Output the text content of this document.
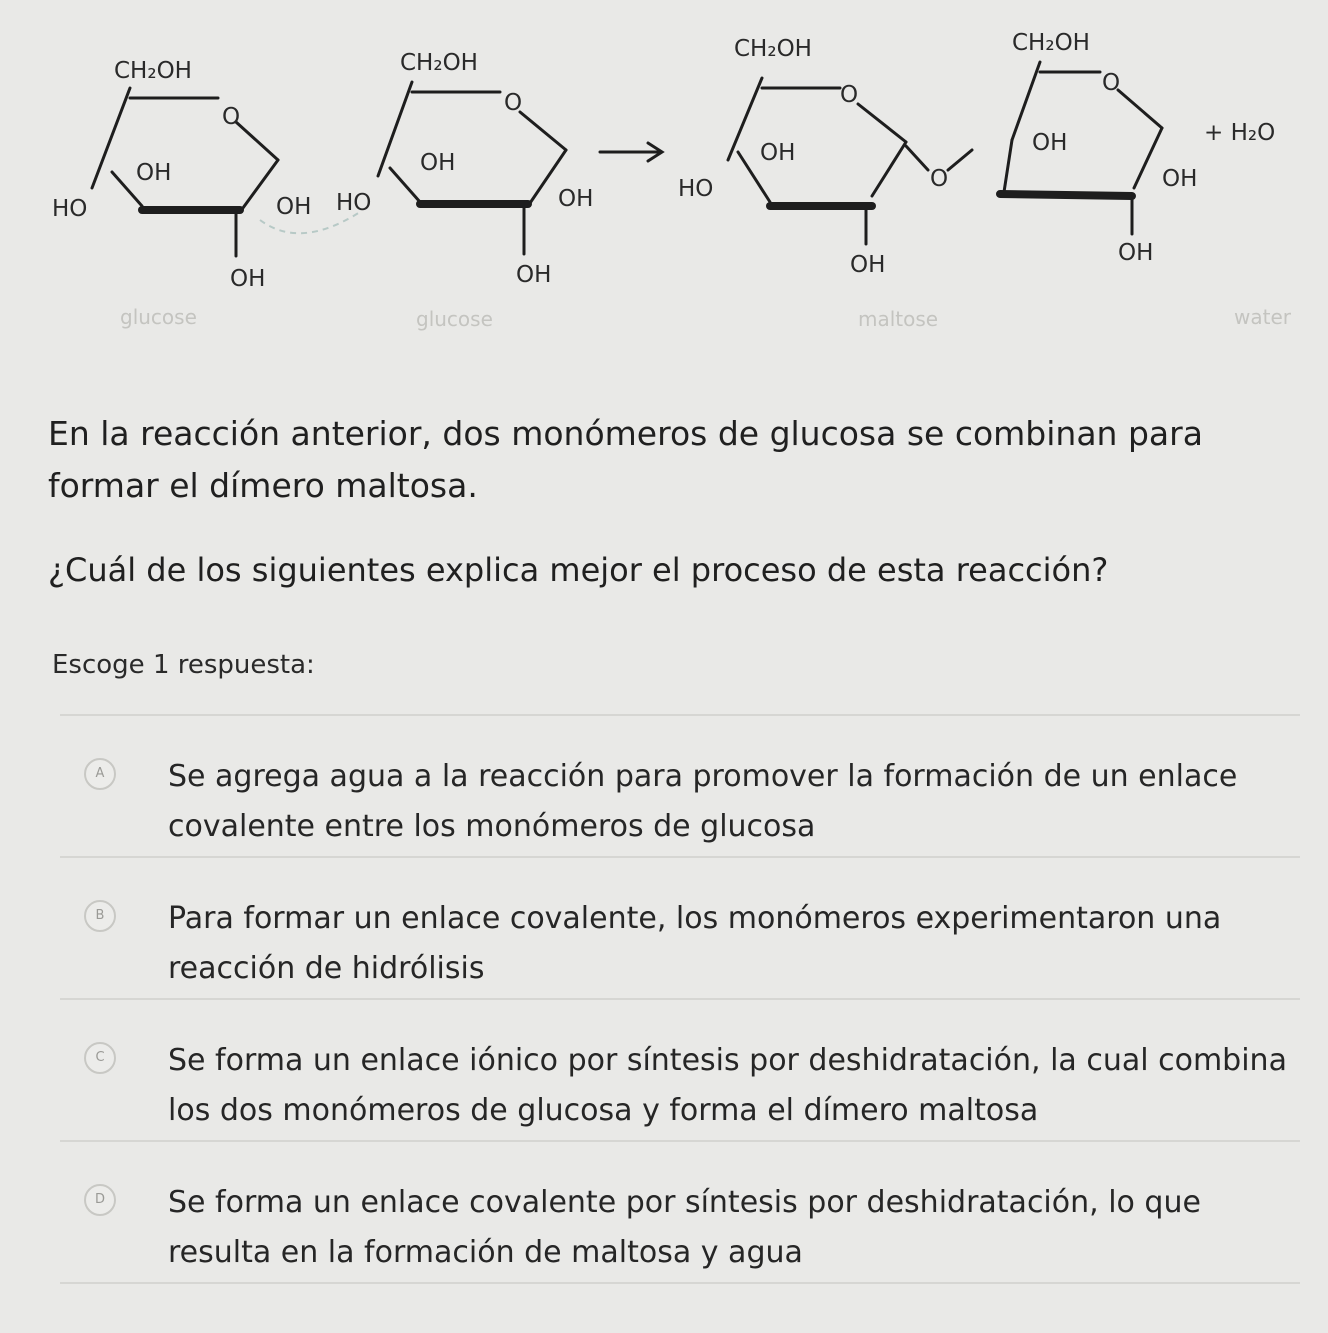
CH₂OH
O
OH
HO	OH
OH
CH₂OH
O
OH
HO	OH
OH
CH₂OH
O
OH
HO
OH
O
CH₂OH
O
OH
OH
OH
+ H₂O
glucose	glucose	maltose	water

En la reacción anterior, dos monómeros de glucosa se combinan para formar el dímero maltosa.

¿Cuál de los siguientes explica mejor el proceso de esta reacción?

Escoge 1 respuesta:

A	Se agrega agua a la reacción para promover la formación de un enlace covalente entre los monómeros de glucosa
B	Para formar un enlace covalente, los monómeros experimentaron una reacción de hidrólisis
C	Se forma un enlace iónico por síntesis por deshidratación, la cual combina los dos monómeros de glucosa y forma el dímero maltosa
D	Se forma un enlace covalente por síntesis por deshidratación, lo que resulta en la formación de maltosa y agua
